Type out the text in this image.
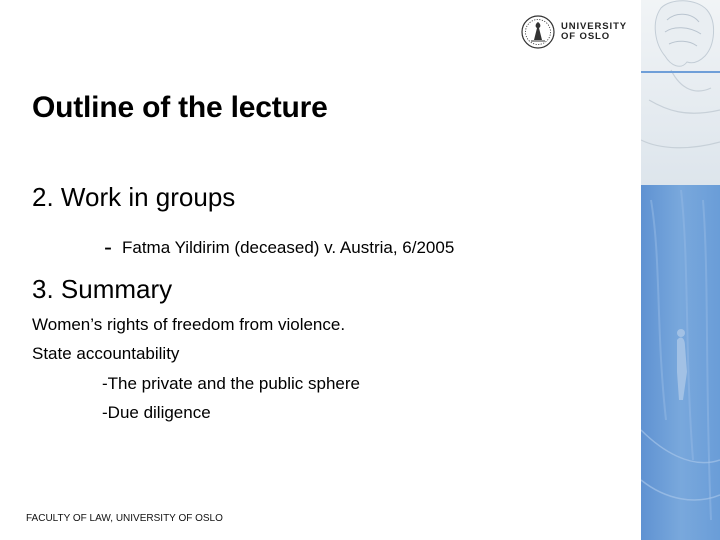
UNIVERSITY
OF OSLO
Outline of the lecture
2. Work in groups
- Fatma Yildirim (deceased) v. Austria, 6/2005
3. Summary
Women’s rights of freedom from violence.
State accountability
-The private and the public sphere
-Due diligence
FACULTY OF LAW, UNIVERSITY OF OSLO
